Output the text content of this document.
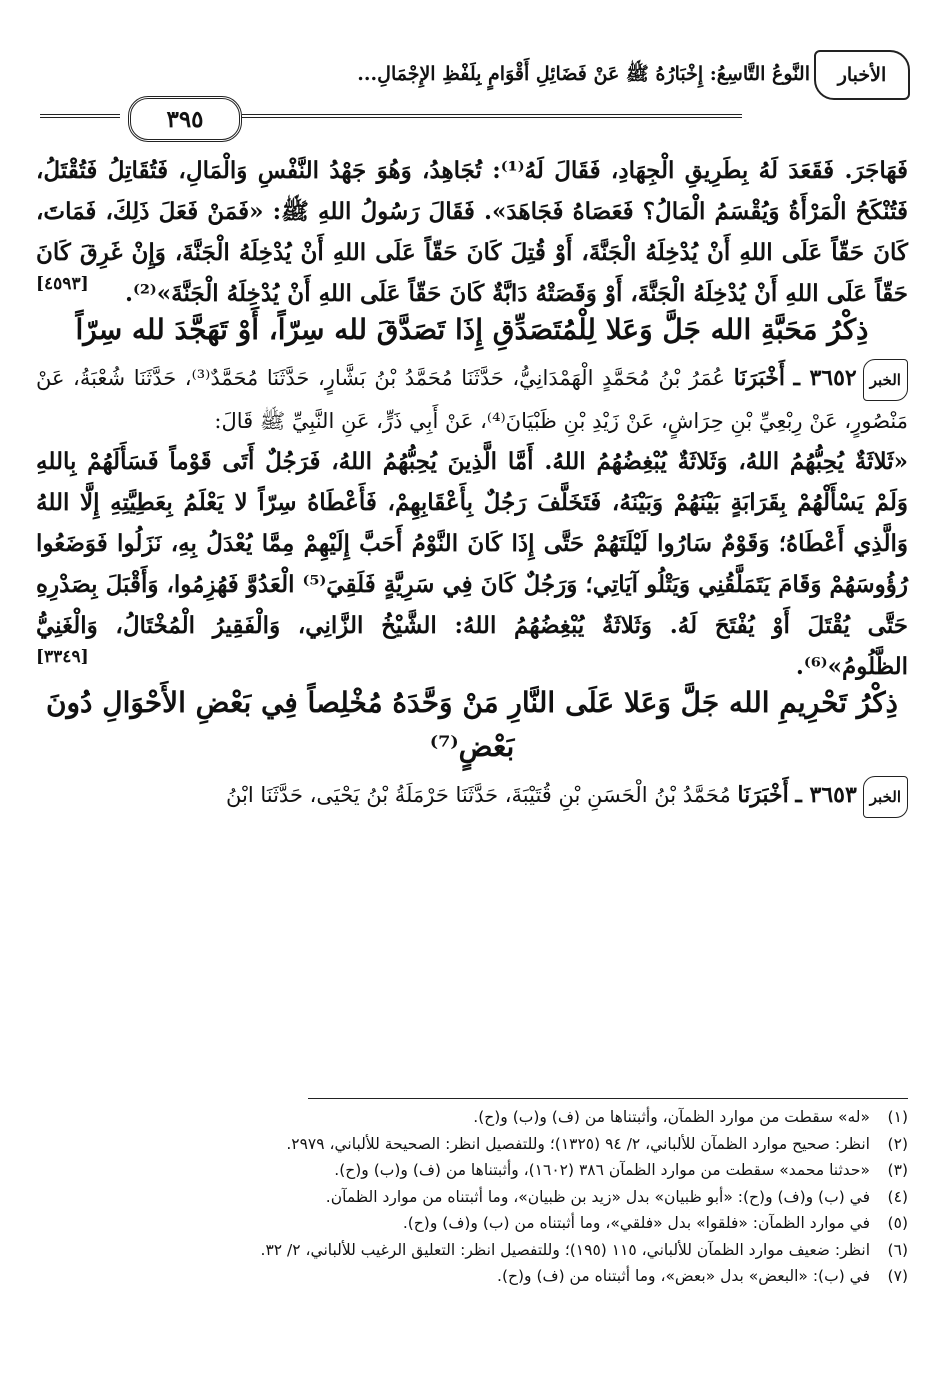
الأخبار
النَّوعُ التَّاسِعُ: إِخْبَارُهُ ﷺ عَنْ فَضَائِلِ أَقْوَامٍ بِلَفْظِ الإِجْمَالِ...
٣٩٥

فَهَاجَرَ. فَقَعَدَ لَهُ بِطَرِيقِ الْجِهَادِ، فَقَالَ لَهُ⁽¹⁾: تُجَاهِدُ، وَهُوَ جَهْدُ النَّفْسِ وَالْمَالِ، فَتُقَاتِلُ فَتُقْتَلُ، فَتُنْكَحُ الْمَرْأَةُ وَيُقْسَمُ الْمَالُ؟ فَعَصَاهُ فَجَاهَدَ». فَقَالَ رَسُولُ اللهِ ﷺ: «فَمَنْ فَعَلَ ذَلِكَ، فَمَاتَ، كَانَ حَقّاً عَلَى اللهِ أَنْ يُدْخِلَهُ الْجَنَّةَ، أَوْ قُتِلَ كَانَ حَقّاً عَلَى اللهِ أَنْ يُدْخِلَهُ الْجَنَّةَ، وَإِنْ غَرِقَ كَانَ حَقّاً عَلَى اللهِ أَنْ يُدْخِلَهُ الْجَنَّةَ، أَوْ وَقَصَتْهُ دَابَّةٌ كَانَ حَقّاً عَلَى اللهِ أَنْ يُدْخِلَهُ الْجَنَّةَ»⁽²⁾.

[٤٥٩٣]
ذِكْرُ مَحَبَّةِ الله جَلَّ وَعَلا لِلْمُتَصَدِّقِ إِذَا تَصَدَّقَ لله سِرّاً، أَوْ تَهَجَّدَ لله سِرّاً

الخبر٣٦٥٢ ـ أَخْبَرَنَا عُمَرُ بْنُ مُحَمَّدٍ الْهَمْدَانِيُّ، حَدَّثَنَا مُحَمَّدُ بْنُ بَشَّارٍ، حَدَّثَنَا مُحَمَّدٌ⁽³⁾، حَدَّثَنَا شُعْبَةُ، عَنْ مَنْصُورٍ، عَنْ رِبْعِيِّ بْنِ حِرَاشٍ، عَنْ زَيْدِ بْنِ ظَبْيَانَ⁽⁴⁾، عَنْ أَبِي ذَرٍّ، عَنِ النَّبِيِّ ﷺ قَالَ:

«ثَلاثَةٌ يُحِبُّهُمُ اللهُ، وَثَلاثَةٌ يُبْغِضُهُمُ اللهُ. أَمَّا الَّذِينَ يُحِبُّهُمُ اللهُ، فَرَجُلٌ أَتَى قَوْماً فَسَأَلَهُمْ بِاللهِ وَلَمْ يَسْأَلْهُمْ بِقَرَابَةٍ بَيْنَهُمْ وَبَيْنَهُ، فَتَخَلَّفَ رَجُلٌ بِأَعْقَابِهِمْ، فَأَعْطَاهُ سِرّاً لا يَعْلَمُ بِعَطِيَّتِهِ إِلَّا اللهُ وَالَّذِي أَعْطَاهُ؛ وَقَوْمٌ سَارُوا لَيْلَتَهُمْ حَتَّى إِذَا كَانَ النَّوْمُ أَحَبَّ إِلَيْهِمْ مِمَّا يُعْدَلُ بِهِ، نَزَلُوا فَوَضَعُوا رُؤُوسَهُمْ وَقَامَ يَتَمَلَّقُنِي وَيَتْلُو آيَاتِي؛ وَرَجُلٌ كَانَ فِي سَرِيَّةٍ فَلَقِيَ⁽⁵⁾ الْعَدُوَّ فَهُزِمُوا، وَأَقْبَلَ بِصَدْرِهِ حَتَّى يُقْتَلَ أَوْ يُفْتَحَ لَهُ. وَثَلاثَةٌ يُبْغِضُهُمُ اللهُ: الشَّيْخُ الزَّانِي، وَالْفَقِيرُ الْمُخْتَالُ، وَالْغَنِيُّ الظَّلُومُ»⁽⁶⁾.

[٣٣٤٩]
ذِكْرُ تَحْرِيمِ الله جَلَّ وَعَلا عَلَى النَّارِ مَنْ وَحَّدَهُ مُخْلِصاً فِي بَعْضِ الأَحْوَالِ دُونَ بَعْضٍ⁽⁷⁾

الخبر٣٦٥٣ ـ أَخْبَرَنَا مُحَمَّدُ بْنُ الْحَسَنِ بْنِ قُتَيْبَةَ، حَدَّثَنَا حَرْمَلَةُ بْنُ يَحْيَى، حَدَّثَنَا ابْنُ

(١)«له» سقطت من موارد الظمآن، وأثبتناها من (ف) و(ب) و(ح).

(٢)انظر: صحيح موارد الظمآن للألباني، ٢/ ٩٤ (١٣٢٥)؛ وللتفصيل انظر: الصحيحة للألباني، ٢٩٧٩.

(٣)«حدثنا محمد» سقطت من موارد الظمآن ٣٨٦ (١٦٠٢)، وأثبتناها من (ف) و(ب) و(ح).

(٤)في (ب) و(ف) و(ح): «أبو ظبيان» بدل «زيد بن ظبيان»، وما أثبتناه من موارد الظمآن.

(٥)في موارد الظمآن: «فلقوا» بدل «فلقي»، وما أثبتناه من (ب) و(ف) و(ح).

(٦)انظر: ضعيف موارد الظمآن للألباني، ١١٥ (١٩٥)؛ وللتفصيل انظر: التعليق الرغيب للألباني، ٢/ ٣٢.

(٧)في (ب): «البعض» بدل «بعض»، وما أثبتناه من (ف) و(ح).
